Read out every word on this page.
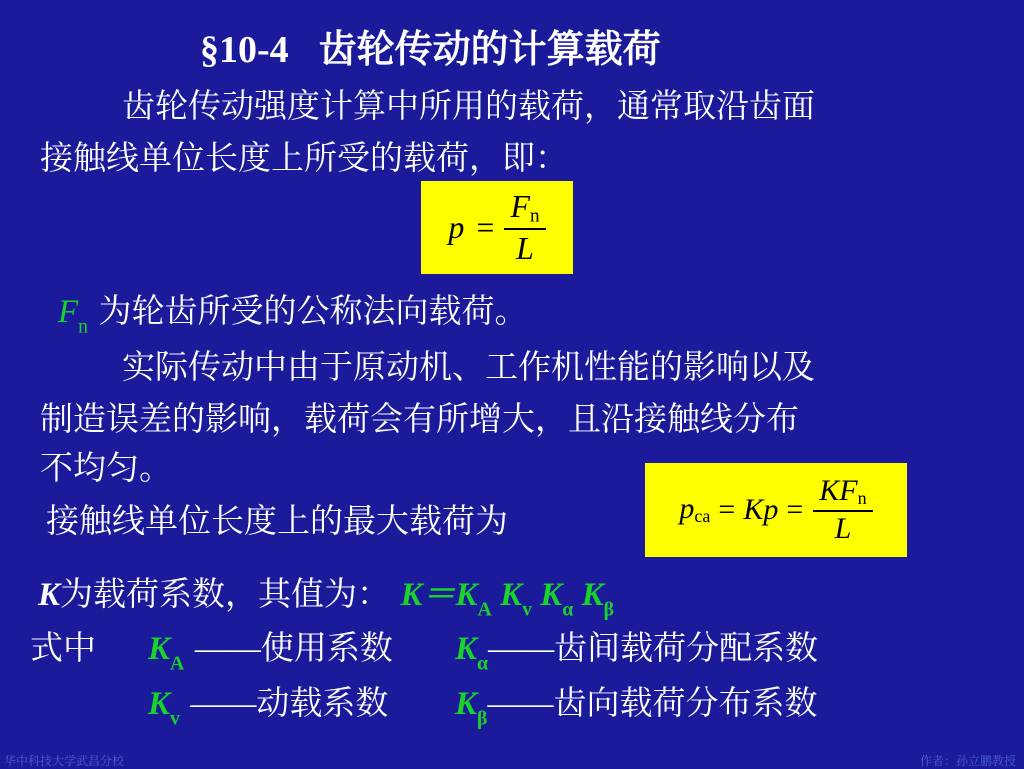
§10-4 齿轮传动的计算载荷
齿轮传动强度计算中所用的载荷，通常取沿齿面
接触线单位长度上所受的载荷，即：
$p = \frac{Fn}{L}$
$F_n$ 为轮齿所受的公称法向载荷。
实际传动中由于原动机、工作机性能的影响以及
制造误差的影响，载荷会有所增大，且沿接触线分布
不均匀。
接触线单位长度上的最大载荷为	pca = $Kp = \frac{\text{KFn}}{L}$
K为载荷系数，其值为： $K=K_A$ $K_v$ $K_\alpha$ $K_\beta$
式中 $K_A$ ——使用系数 $K_\alpha——$齿间载荷分配系数
$K_v$ ——动载系数 $K_\beta——$齿向载荷分布系数
华中科技大学武昌分校	作者：孙立鹏教授
